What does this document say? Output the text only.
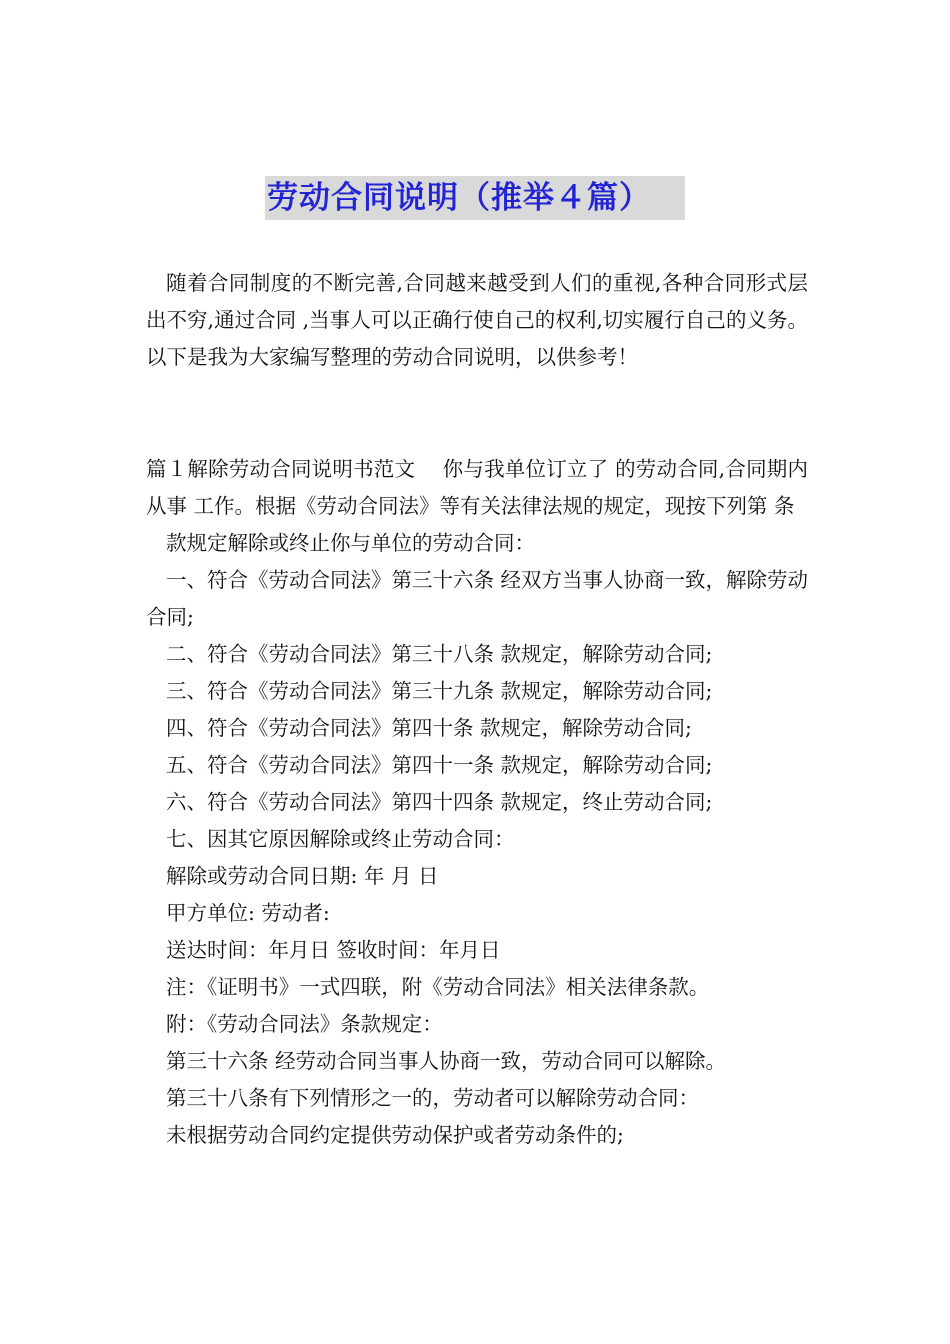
劳动合同说明（推举４篇）

随着合同制度的不断完善,合同越来越受到人们的重视,各种合同形式层出不穷,通过合同 ,当事人可以正确行使自己的权利,切实履行自己的义务。以下是我为大家编写整理的劳动合同说明，以供参考！

篇１解除劳动合同说明书范文　 你与我单位订立了 的劳动合同,合同期内从事 工作。根据《劳动合同法》等有关法律法规的规定，现按下列第 条

款规定解除或终止你与单位的劳动合同：

一、符合《劳动合同法》第三十六条 经双方当事人协商一致，解除劳动合同;

二、符合《劳动合同法》第三十八条 款规定，解除劳动合同;

三、符合《劳动合同法》第三十九条 款规定，解除劳动合同;

四、符合《劳动合同法》第四十条 款规定，解除劳动合同;

五、符合《劳动合同法》第四十一条 款规定，解除劳动合同;

六、符合《劳动合同法》第四十四条 款规定，终止劳动合同;

七、因其它原因解除或终止劳动合同：

解除或劳动合同日期: 年 月 日

甲方单位: 劳动者:

送达时间：年月日 签收时间：年月日

注：《证明书》一式四联，附《劳动合同法》相关法律条款。

附：《劳动合同法》条款规定：

第三十六条 经劳动合同当事人协商一致，劳动合同可以解除。

第三十八条有下列情形之一的，劳动者可以解除劳动合同：

未根据劳动合同约定提供劳动保护或者劳动条件的;
